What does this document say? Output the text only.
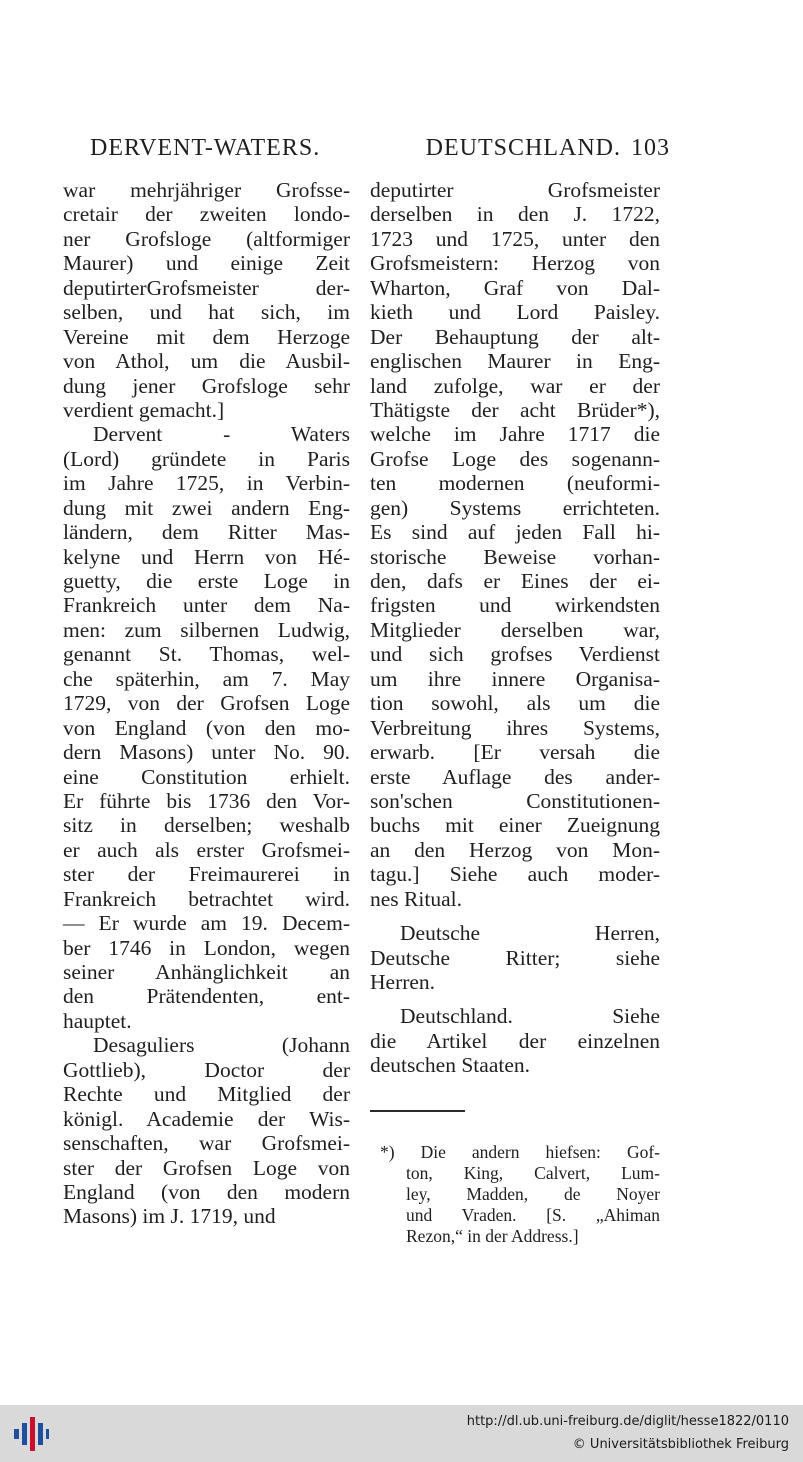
DERVENT-WATERS.	DEUTSCHLAND. 103
war mehrjähriger Grofsse-
cretair der zweiten londo-
ner Grofsloge (altformiger
Maurer) und einige Zeit
deputirterGrofsmeister der-
selben, und hat sich, im
Vereine mit dem Herzoge
von Athol, um die Ausbil-
dung jener Grofsloge sehr
verdient gemacht.]
Dervent - Waters
(Lord) gründete in Paris
im Jahre 1725, in Verbin-
dung mit zwei andern Eng-
ländern, dem Ritter Mas-
kelyne und Herrn von Hé-
guetty, die erste Loge in
Frankreich unter dem Na-
men: zum silbernen Ludwig,
genannt St. Thomas, wel-
che späterhin, am 7. May
1729, von der Grofsen Loge
von England (von den mo-
dern Masons) unter No. 90.
eine Constitution erhielt.
Er führte bis 1736 den Vor-
sitz in derselben; weshalb
er auch als erster Grofsmei-
ster der Freimaurerei in
Frankreich betrachtet wird.
— Er wurde am 19. Decem-
ber 1746 in London, wegen
seiner Anhänglichkeit an
den Prätendenten, ent-
hauptet.
Desaguliers (Johann
Gottlieb), Doctor der
Rechte und Mitglied der
königl. Academie der Wis-
senschaften, war Grofsmei-
ster der Grofsen Loge von
England (von den modern
Masons) im J. 1719, und
deputirter Grofsmeister
derselben in den J. 1722,
1723 und 1725, unter den
Grofsmeistern: Herzog von
Wharton, Graf von Dal-
kieth und Lord Paisley.
Der Behauptung der alt-
englischen Maurer in Eng-
land zufolge, war er der
Thätigste der acht Brüder*),
welche im Jahre 1717 die
Grofse Loge des sogenann-
ten modernen (neuformi-
gen) Systems errichteten.
Es sind auf jeden Fall hi-
storische Beweise vorhan-
den, dafs er Eines der ei-
frigsten und wirkendsten
Mitglieder derselben war,
und sich grofses Verdienst
um ihre innere Organisa-
tion sowohl, als um die
Verbreitung ihres Systems,
erwarb. [Er versah die
erste Auflage des ander-
son'schen Constitutionen-
buchs mit einer Zueignung
an den Herzog von Mon-
tagu.] Siehe auch moder-
nes Ritual.
Deutsche Herren,
Deutsche Ritter; siehe
Herren.
Deutschland. Siehe
die Artikel der einzelnen
deutschen Staaten.
*) Die andern hiefsen: Gof-
ton, King, Calvert, Lum-
ley, Madden, de Noyer
und Vraden. [S. „Ahiman
Rezon,“ in der Address.]
http://dl.ub.uni-freiburg.de/diglit/hesse1822/0110
© Universitätsbibliothek Freiburg
